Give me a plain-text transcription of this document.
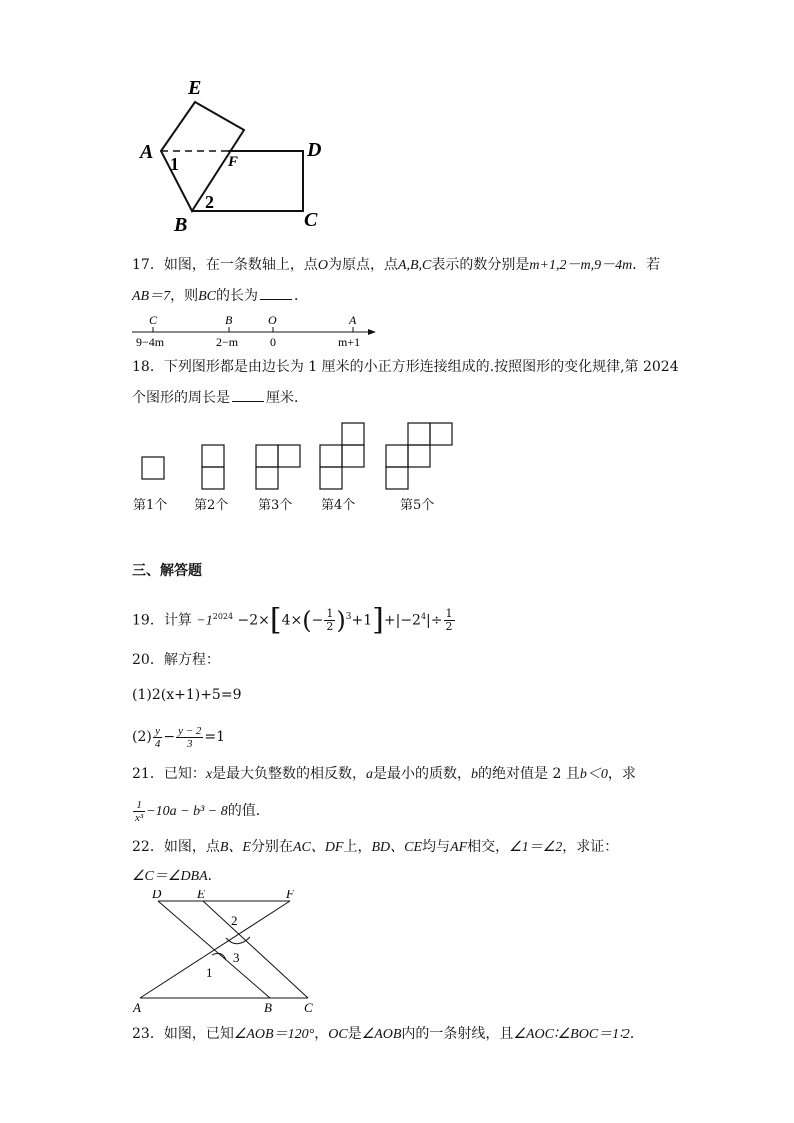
E
A	F
D
B	C
1
2
17．如图，在一条数轴上，点O为原点，点A,B,C表示的数分别是m+1,2－m,9－4m．若
AB＝7，则BC的长为	．
C	B	O	A
9−4m	2−m	0	m+1
18．下列图形都是由边长为 1 厘米的小正方形连接组成的.按照图形的变化规律,第 2024
个图形的周长是	厘米．
第1个 第2个 第3个 第4个	第5个
三、解答题
19．计算 $-1^{2024} -2\times[4\times(- \frac{1}{2} )^3+1]+|-2^4|\div \frac{1}{2}$
20．解方程：
(1)2(x+1)+5=9
$(2) \frac{y}{4} - \frac{y - 2}{3} =1$
21．已知：x是最大负整数的相反数，a是最小的质数，b的绝对值是 2 且b＜0，求
$\frac{1}{\text{x³}} -10a - b^3 - 8$的值．
22．如图，点B、E分别在AC、DF上，BD、CE均与AF相交，∠1＝∠2，求证：
∠C＝∠DBA．
D	E	F
A	B C
1
2
3
23．如图，已知∠AOB＝120°，OC是∠AOB内的一条射线，且∠AOC∶∠BOC＝1∶2．
